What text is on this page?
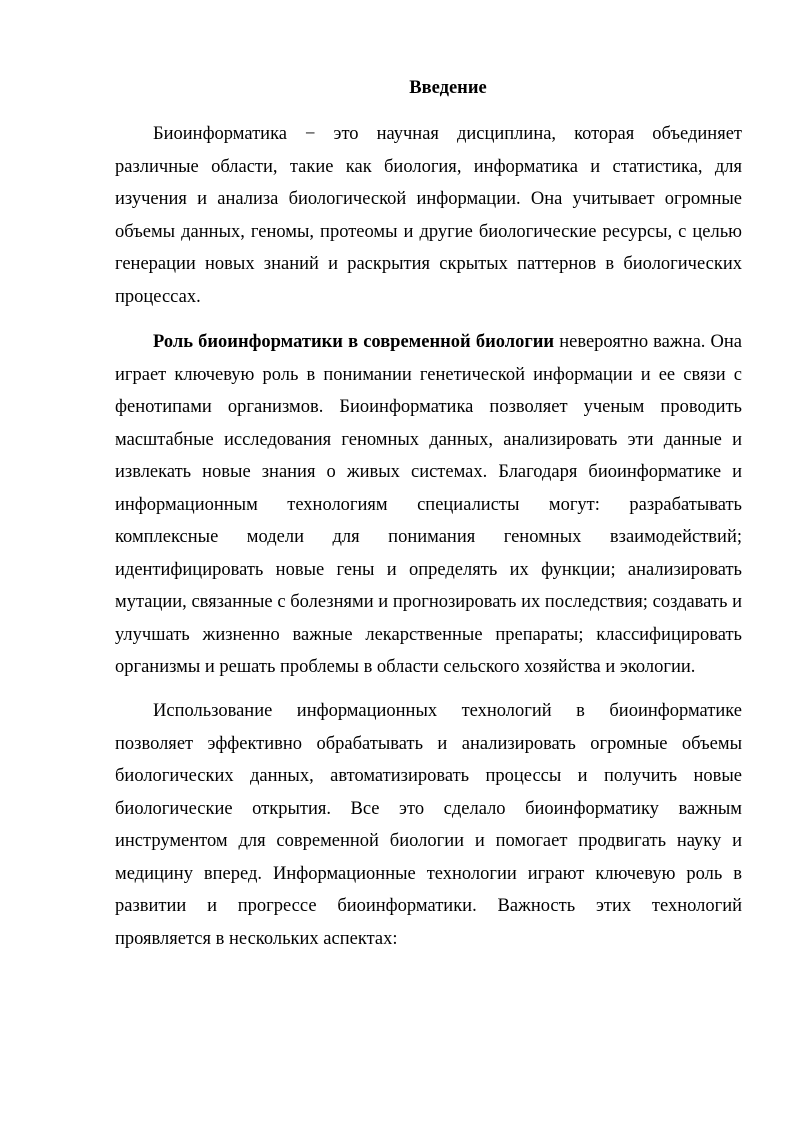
Введение

Биоинформатика − это научная дисциплина, которая объединяет различные области, такие как биология, информатика и статистика, для изучения и анализа биологической информации. Она учитывает огромные объемы данных, геномы, протеомы и другие биологические ресурсы, с целью генерации новых знаний и раскрытия скрытых паттернов в биологических процессах.

Роль биоинформатики в современной биологии невероятно важна. Она играет ключевую роль в понимании генетической информации и ее связи с фенотипами организмов. Биоинформатика позволяет ученым проводить масштабные исследования геномных данных, анализировать эти данные и извлекать новые знания о живых системах. Благодаря биоинформатике и информационным технологиям специалисты могут: разрабатывать комплексные модели для понимания геномных взаимодействий; идентифицировать новые гены и определять их функции; анализировать мутации, связанные с болезнями и прогнозировать их последствия; создавать и улучшать жизненно важные лекарственные препараты; классифицировать организмы и решать проблемы в области сельского хозяйства и экологии.

Использование информационных технологий в биоинформатике позволяет эффективно обрабатывать и анализировать огромные объемы биологических данных, автоматизировать процессы и получить новые биологические открытия. Все это сделало биоинформатику важным инструментом для современной биологии и помогает продвигать науку и медицину вперед. Информационные технологии играют ключевую роль в развитии и прогрессе биоинформатики. Важность этих технологий проявляется в нескольких аспектах:
